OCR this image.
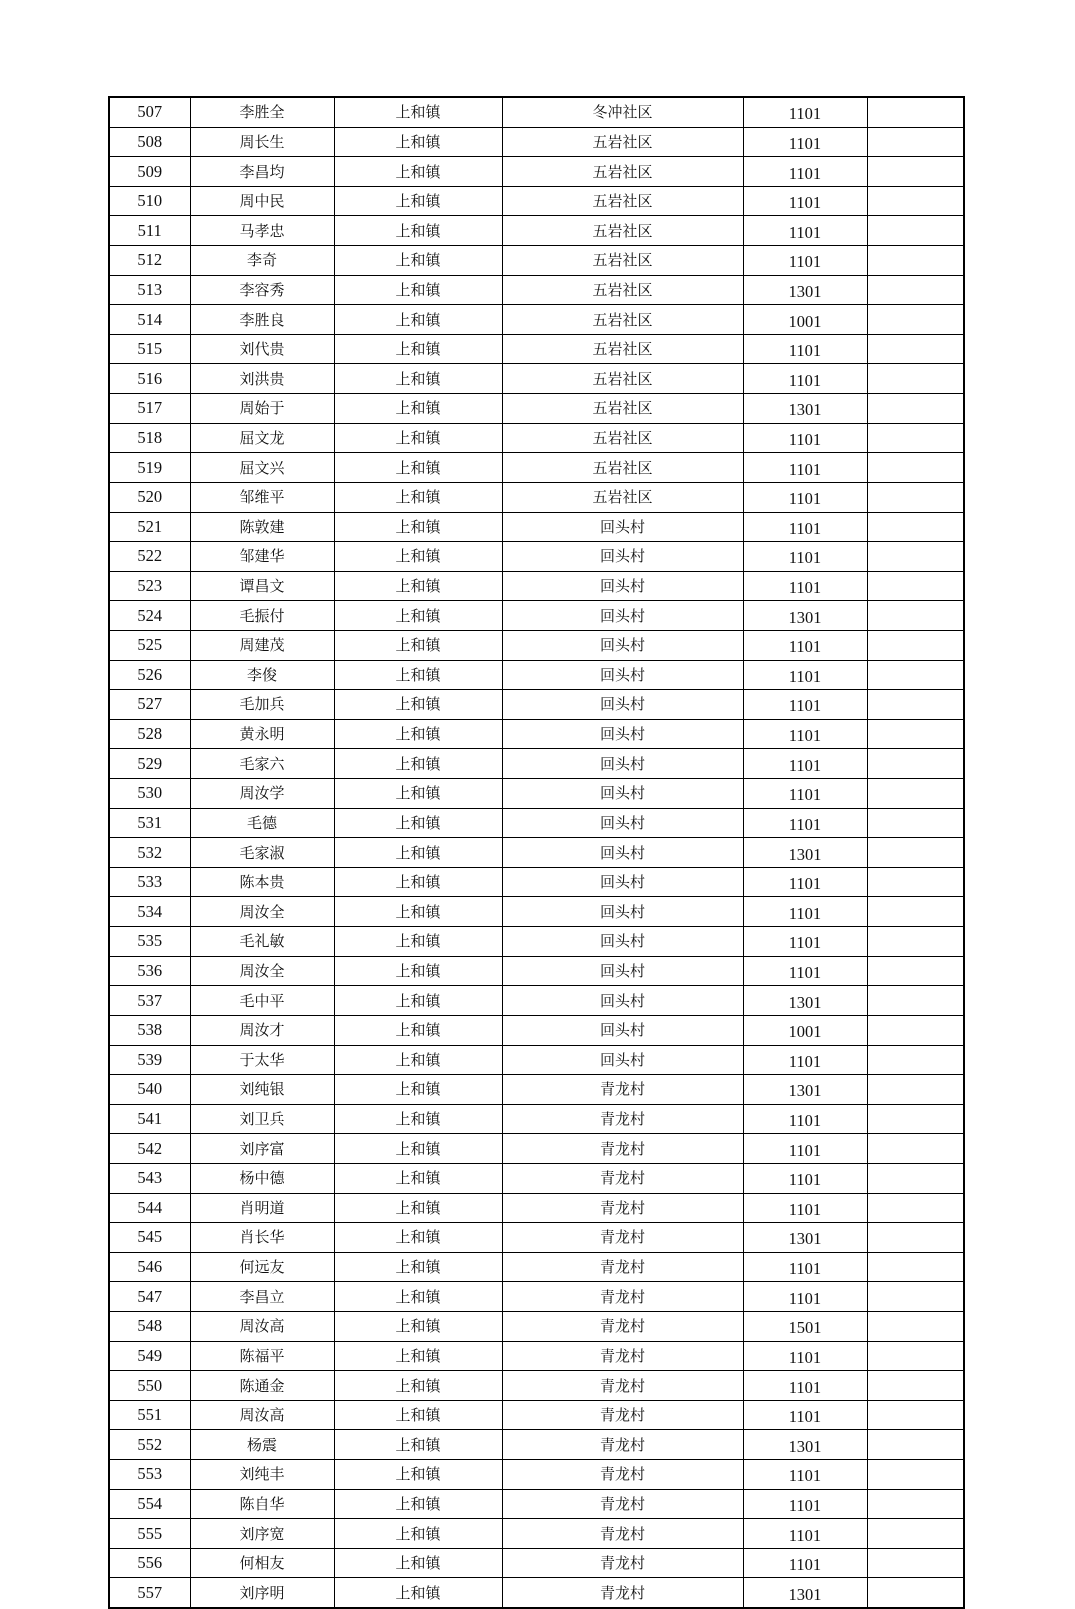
507	李胜全	上和镇	冬冲社区	1101	
508	周长生	上和镇	五岩社区	1101	
509	李昌均	上和镇	五岩社区	1101	
510	周中民	上和镇	五岩社区	1101	
511	马孝忠	上和镇	五岩社区	1101	
512	李奇	上和镇	五岩社区	1101	
513	李容秀	上和镇	五岩社区	1301	
514	李胜良	上和镇	五岩社区	1001	
515	刘代贵	上和镇	五岩社区	1101	
516	刘洪贵	上和镇	五岩社区	1101	
517	周始于	上和镇	五岩社区	1301	
518	屈文龙	上和镇	五岩社区	1101	
519	屈文兴	上和镇	五岩社区	1101	
520	邹维平	上和镇	五岩社区	1101	
521	陈敦建	上和镇	回头村	1101	
522	邹建华	上和镇	回头村	1101	
523	谭昌文	上和镇	回头村	1101	
524	毛振付	上和镇	回头村	1301	
525	周建茂	上和镇	回头村	1101	
526	李俊	上和镇	回头村	1101	
527	毛加兵	上和镇	回头村	1101	
528	黄永明	上和镇	回头村	1101	
529	毛家六	上和镇	回头村	1101	
530	周汝学	上和镇	回头村	1101	
531	毛德	上和镇	回头村	1101	
532	毛家淑	上和镇	回头村	1301	
533	陈本贵	上和镇	回头村	1101	
534	周汝全	上和镇	回头村	1101	
535	毛礼敏	上和镇	回头村	1101	
536	周汝全	上和镇	回头村	1101	
537	毛中平	上和镇	回头村	1301	
538	周汝才	上和镇	回头村	1001	
539	于太华	上和镇	回头村	1101	
540	刘纯银	上和镇	青龙村	1301	
541	刘卫兵	上和镇	青龙村	1101	
542	刘序富	上和镇	青龙村	1101	
543	杨中德	上和镇	青龙村	1101	
544	肖明道	上和镇	青龙村	1101	
545	肖长华	上和镇	青龙村	1301	
546	何远友	上和镇	青龙村	1101	
547	李昌立	上和镇	青龙村	1101	
548	周汝高	上和镇	青龙村	1501	
549	陈福平	上和镇	青龙村	1101	
550	陈通金	上和镇	青龙村	1101	
551	周汝高	上和镇	青龙村	1101	
552	杨震	上和镇	青龙村	1301	
553	刘纯丰	上和镇	青龙村	1101	
554	陈自华	上和镇	青龙村	1101	
555	刘序宽	上和镇	青龙村	1101	
556	何相友	上和镇	青龙村	1101	
557	刘序明	上和镇	青龙村	1301	
